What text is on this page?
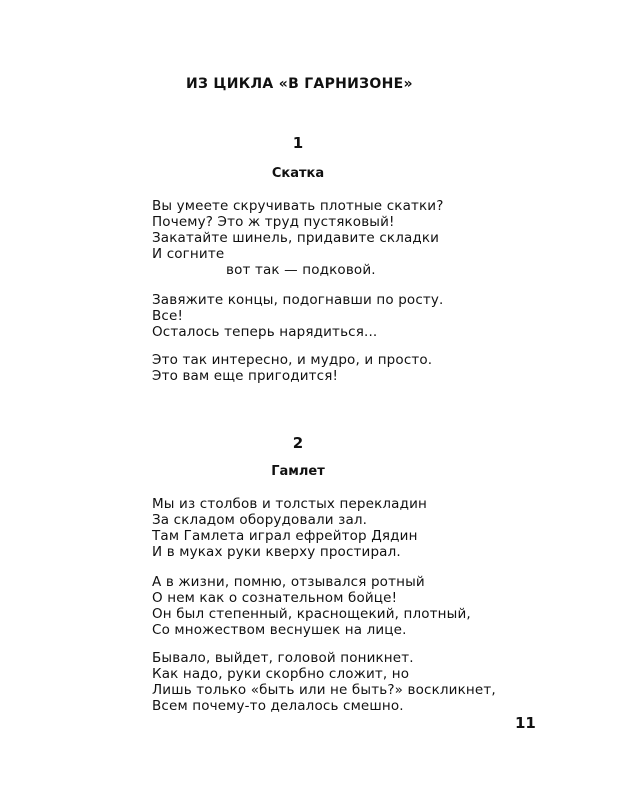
ИЗ ЦИКЛА «В ГАРНИЗОНЕ»
1
Скатка
Вы умеете скручивать плотные скатки?
Почему? Это ж труд пустяковый!
Закатайте шинель, придавите складки
И согните
вот так — подковой.
Завяжите концы, подогнавши по росту.
Все!
Осталось теперь нарядиться...
Это так интересно, и мудро, и просто.
Это вам еще пригодится!
2
Гамлет
Мы из столбов и толстых перекладин
За складом оборудовали зал.
Там Гамлета играл ефрейтор Дядин
И в муках руки кверху простирал.
А в жизни, помню, отзывался ротный
О нем как о сознательном бойце!
Он был степенный, краснощекий, плотный,
Со множеством веснушек на лице.
Бывало, выйдет, головой поникнет.
Как надо, руки скорбно сложит, но
Лишь только «быть или не быть?» воскликнет,
Всем почему-то делалось смешно.
11
